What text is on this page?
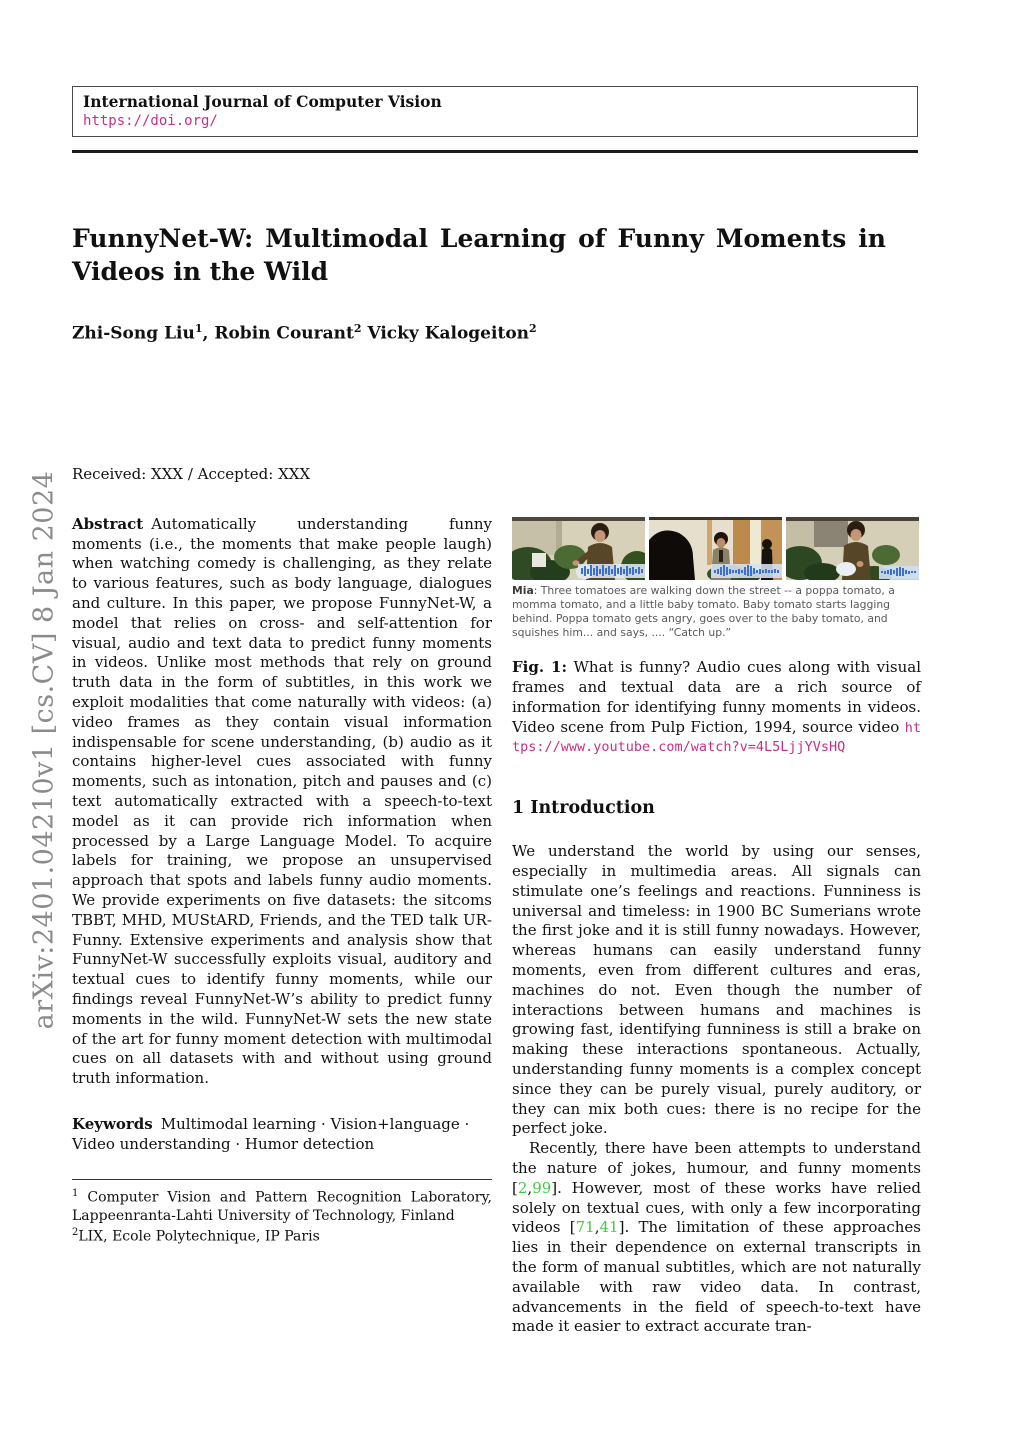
arXiv:2401.04210v1 [cs.CV] 8 Jan 2024
International Journal of Computer Vision
https://doi.org/
FunnyNet-W: Multimodal Learning of Funny Moments in Videos in the Wild
Zhi-Song Liu$^1$, Robin Courant$^2$ Vicky Kalogeiton$^2$
Received: XXX / Accepted: XXX
Abstract Automatically understanding funny moments (i.e., the moments that make people laugh) when watching comedy is challenging, as they relate to various features, such as body language, dialogues and culture. In this paper, we propose FunnyNet-W, a model that relies on cross- and self-attention for visual, audio and text data to predict funny moments in videos. Unlike most methods that rely on ground truth data in the form of subtitles, in this work we exploit modalities that come naturally with videos: (a) video frames as they contain visual information indispensable for scene understanding, (b) audio as it contains higher-level cues associated with funny moments, such as intonation, pitch and pauses and (c) text automatically extracted with a speech-to-text model as it can provide rich information when processed by a Large Language Model. To acquire labels for training, we propose an unsupervised approach that spots and labels funny audio moments. We provide experiments on five datasets: the sitcoms TBBT, MHD, MUStARD, Friends, and the TED talk UR-Funny. Extensive experiments and analysis show that FunnyNet-W successfully exploits visual, auditory and textual cues to identify funny moments, while our findings reveal FunnyNet-W’s ability to predict funny moments in the wild. FunnyNet-W sets the new state of the art for funny moment detection with multimodal cues on all datasets with and without using ground truth information.
Keywords Multimodal learning · Vision+language · Video understanding · Humor detection
$^1$ Computer Vision and Pattern Recognition Laboratory, Lappeenranta-Lahti University of Technology, Finland
$^2$LIX, Ecole Polytechnique, IP Paris
Mia: Three tomatoes are walking down the street -- a poppa tomato, a momma tomato, and a little baby tomato. Baby tomato starts lagging behind. Poppa tomato gets angry, goes over to the baby tomato, and squishes him... and says, .... “Catch up.”
Fig. 1: What is funny? Audio cues along with visual frames and textual data are a rich source of information for identifying funny moments in videos. Video scene from Pulp Fiction, 1994, source video https://www.youtube.com/watch?v=4L5LjjYVsHQ
1 Introduction
We understand the world by using our senses, especially in multimedia areas. All signals can stimulate one’s feelings and reactions. Funniness is universal and timeless: in 1900 BC Sumerians wrote the first joke and it is still funny nowadays. However, whereas humans can easily understand funny moments, even from different cultures and eras, machines do not. Even though the number of interactions between humans and machines is growing fast, identifying funniness is still a brake on making these interactions spontaneous. Actually, understanding funny moments is a complex concept since they can be purely visual, purely auditory, or they can mix both cues: there is no recipe for the perfect joke.
Recently, there have been attempts to understand the nature of jokes, humour, and funny moments [2,99]. However, most of these works have relied solely on textual cues, with only a few incorporating videos [71,41]. The limitation of these approaches lies in their dependence on external transcripts in the form of manual subtitles, which are not naturally available with raw video data. In contrast, advancements in the field of speech-to-text have made it easier to extract accurate tran-
